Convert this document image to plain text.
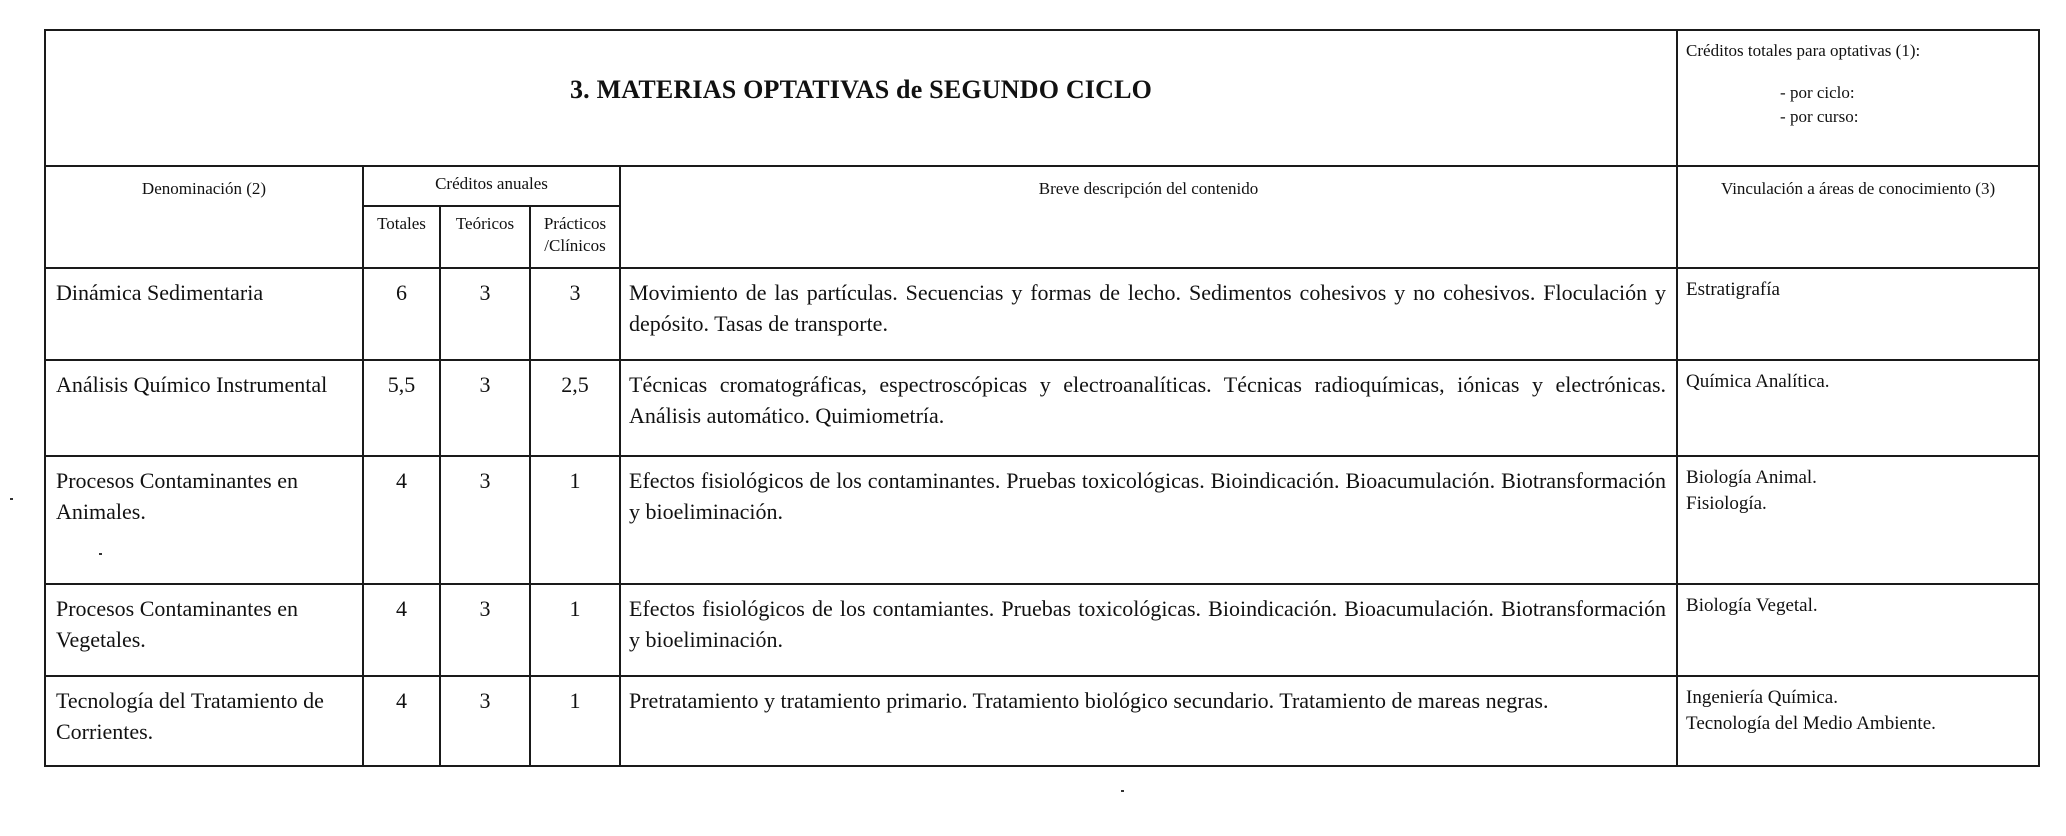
3. MATERIAS OPTATIVAS de SEGUNDO CICLO					Créditos totales para optativas (1):
- por ciclo:
- por curso:

Denominación (2)	Créditos anuales			Breve descripción del contenido	Vinculación a áreas de conocimiento (3)
	Totales	Teóricos	Prácticos /Clínicos		
Dinámica Sedimentaria	6	3	3	Movimiento de las partículas. Secuencias y formas de lecho. Sedimentos cohesivos y no cohesivos. Floculación y depósito. Tasas de transporte.	Estratigrafía

Análisis Químico Instrumental	5,5	3	2,5	Técnicas cromatográficas, espectroscópicas y electroanalíticas. Técnicas radioquímicas, iónicas y electrónicas. Análisis automático. Quimiometría.	Química Analítica.

Procesos Contaminantes en Animales.	4	3	1	Efectos fisiológicos de los contaminantes. Pruebas toxicológicas. Bioindicación. Bioacumulación. Biotransformación y bioeliminación.	Biología Animal.
Fisiología.

Procesos Contaminantes en Vegetales.	4	3	1	Efectos fisiológicos de los contamiantes. Pruebas toxicológicas. Bioindicación. Bioacumulación. Biotransformación y bioeliminación.	Biología Vegetal.

Tecnología del Tratamiento de Corrientes.	4	3	1	Pretratamiento y tratamiento primario. Tratamiento biológico secundario. Tratamiento de mareas negras.	Ingeniería Química.
Tecnología del Medio Ambiente.
